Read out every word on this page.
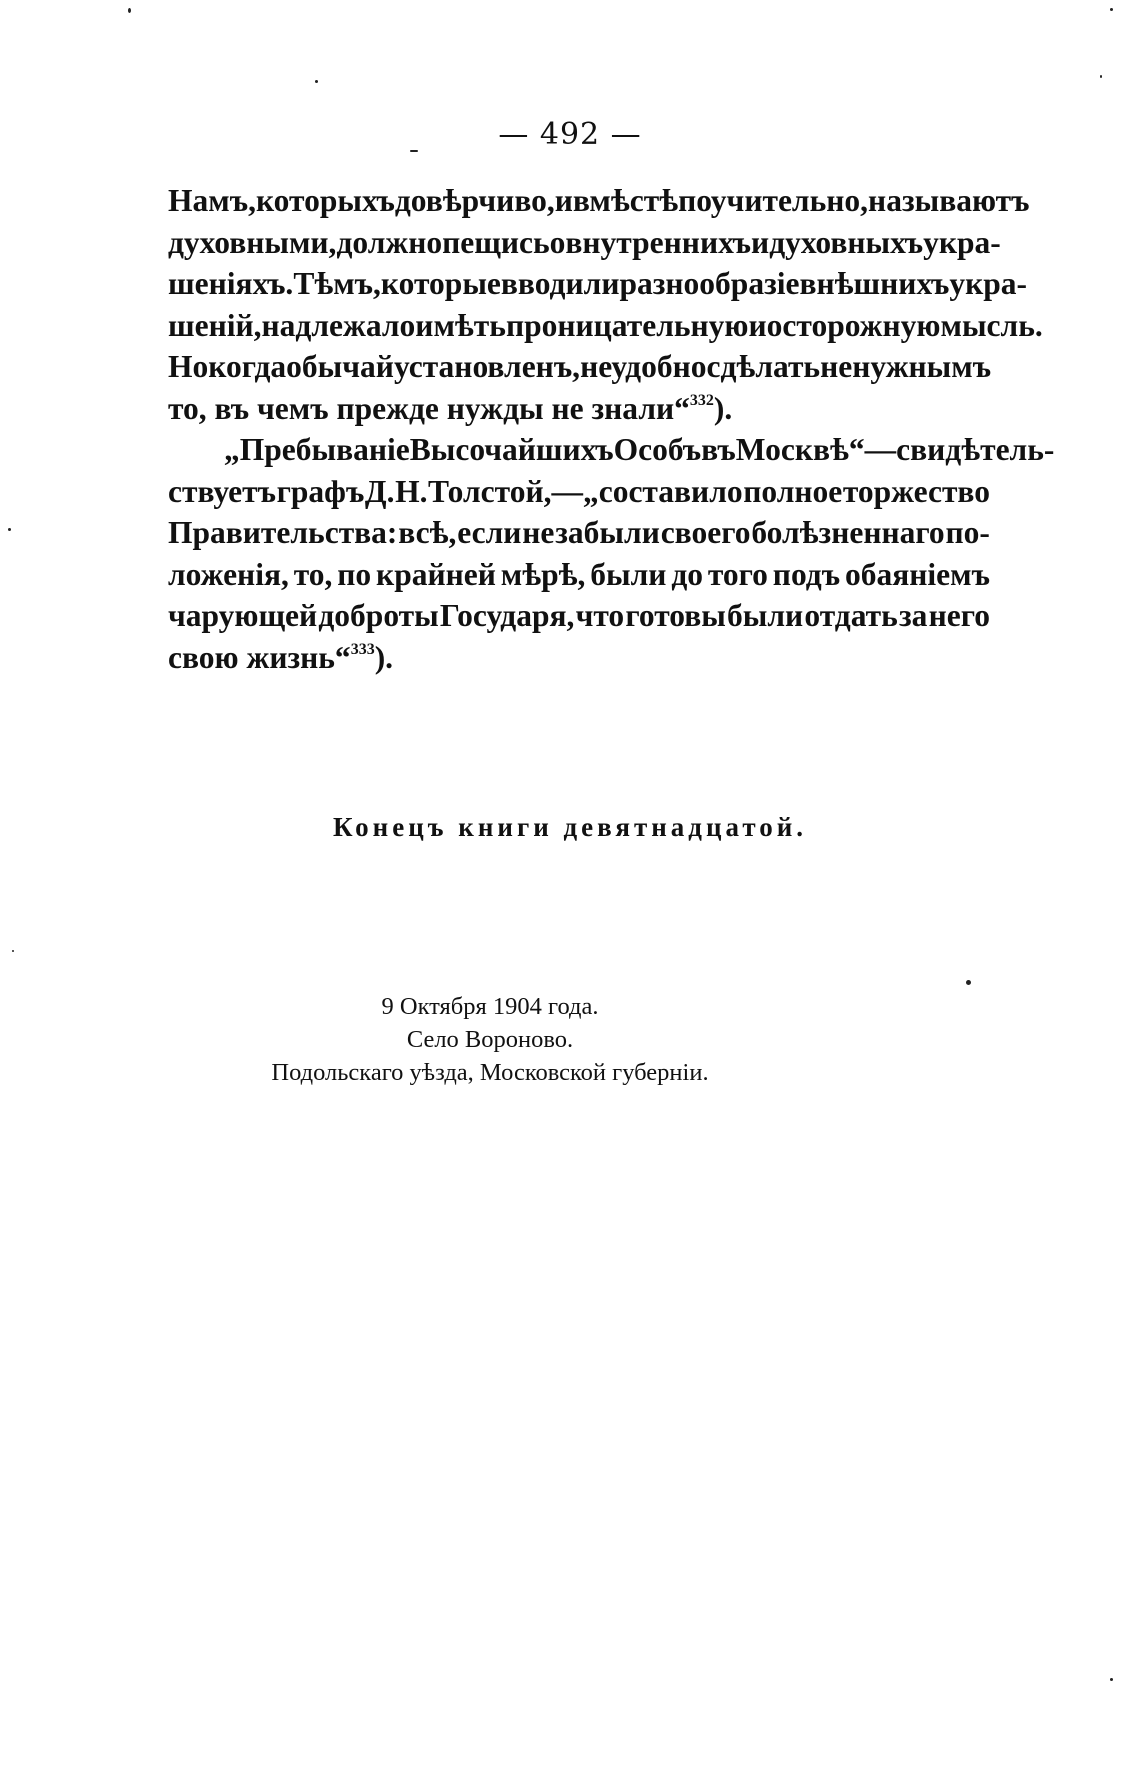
— 492 —
Намъ, которыхъ довѣрчиво, и вмѣстѣ поучительно, называютъ
духовными, должно пещись о внутреннихъ и духовныхъ укра-
шеніяхъ. Тѣмъ, которые вводили разнообразіе внѣшнихъ укра-
шеній, надлежало имѣть проницательную и осторожную мысль.
Но когда обычай установленъ, неудобно сдѣлать ненужнымъ
то, въ чемъ прежде нужды не знали“$^{332}$).
„Пребываніе Высочайшихъ Особъ въ Москвѣ“—свидѣтель-
ствуетъ графъ Д. Н. Толстой,—„составило полное торжество
Правительства: всѣ, если не забыли своего болѣзненнаго по-
ложенія, то, по крайней мѣрѣ, были до того подъ обаяніемъ
чарующей доброты Государя, что готовы были отдать за него
свою жизнь“$^{333}$).
Конецъ книги девятнадцатой.
9 Октября 1904 года.
Село Вороново.
Подольскаго уѣзда, Московской губерніи.
